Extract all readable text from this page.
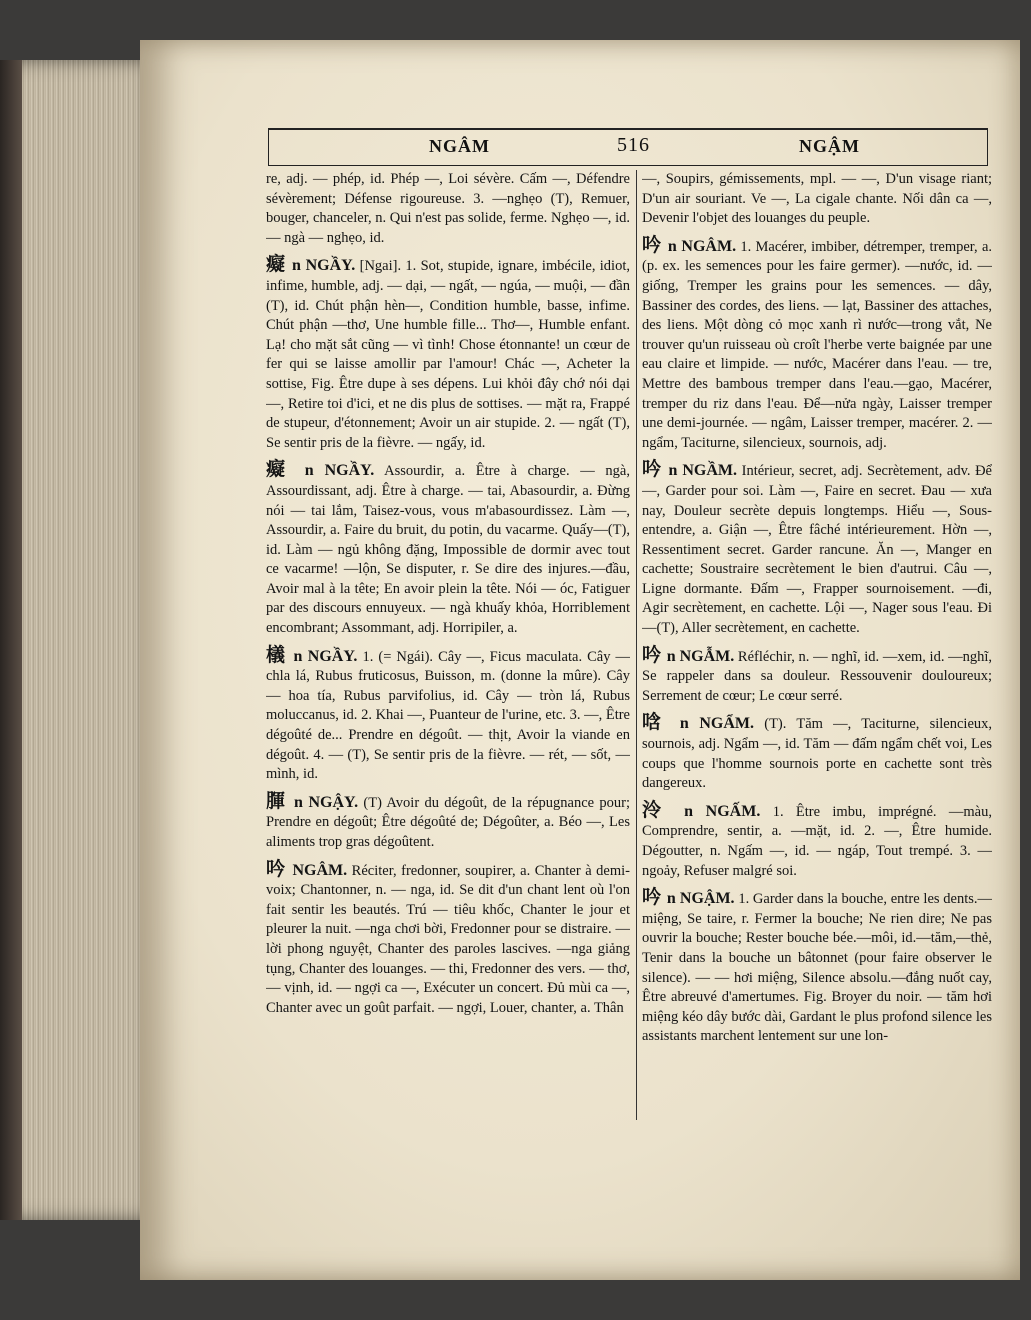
NGÂM	516	NGẬM

re, adj. — phép, id. Phép —, Loi sévère. Cấm —, Défendre sévèrement; Défense rigoureuse. 3. —nghẹo (T), Remuer, bouger, chanceler, n. Qui n'est pas solide, ferme. Nghẹo —, id. — ngà — nghẹo, id.

癡 n NGẦY. [Ngai]. 1. Sot, stupide, ignare, imbécile, idiot, infime, humble, adj. — dại, — ngất, — ngúa, — muội, — đần (T), id. Chút phận hèn—, Condition humble, basse, infime. Chút phận —thơ, Une humble fille... Thơ—, Humble enfant. Lạ! cho mặt sắt cũng — vì tình! Chose étonnante! un cœur de fer qui se laisse amollir par l'amour! Chác —, Acheter la sottise, Fig. Être dupe à ses dépens. Lui khỏi đây chớ nói dại—, Retire toi d'ici, et ne dis plus de sottises. — mặt ra, Frappé de stupeur, d'étonnement; Avoir un air stupide. 2. — ngất (T), Se sentir pris de la fièvre. — ngấy, id.

癡 n NGẦY. Assourdir, a. Être à charge. — ngà, Assourdissant, adj. Être à charge. — tai, Abasourdir, a. Đừng nói — tai lắm, Taisez-vous, vous m'abasourdissez. Làm —, Assourdir, a. Faire du bruit, du potin, du vacarme. Quấy—(T), id. Làm — ngủ không đặng, Impossible de dormir avec tout ce vacarme! —lộn, Se disputer, r. Se dire des injures.—đầu, Avoir mal à la tête; En avoir plein la tête. Nói — óc, Fatiguer par des discours ennuyeux. — ngà khuấy khỏa, Horriblement encombrant; Assommant, adj. Horripiler, a.

檥 n NGẦY. 1. (= Ngái). Cây —, Ficus maculata. Cây — chla lá, Rubus fruticosus, Buisson, m. (donne la mûre). Cây — hoa tía, Rubus parvifolius, id. Cây — tròn lá, Rubus moluccanus, id. 2. Khai —, Puanteur de l'urine, etc. 3. —, Être dégoûté de... Prendre en dégoût. — thịt, Avoir la viande en dégoût. 4. — (T), Se sentir pris de la fièvre. — rét, — sốt, — mình, id.

腪 n NGẬY. (T) Avoir du dégoût, de la répugnance pour; Prendre en dégoût; Être dégoûté de; Dégoûter, a. Béo —, Les aliments trop gras dégoûtent.

吟 NGÂM. Réciter, fredonner, soupirer, a. Chanter à demi-voix; Chantonner, n. — nga, id. Se dit d'un chant lent où l'on fait sentir les beautés. Trú — tiêu khốc, Chanter le jour et pleurer la nuit. —nga chơi bời, Fredonner pour se distraire. —lời phong nguyệt, Chanter des paroles lascives. —nga giảng tụng, Chanter des louanges. — thi, Fredonner des vers. — thơ, — vịnh, id. — ngợi ca —, Exécuter un concert. Đủ mùi ca —, Chanter avec un goût parfait. — ngợi, Louer, chanter, a. Thân

—, Soupirs, gémissements, mpl. — —, D'un visage riant; D'un air souriant. Ve —, La cigale chante. Nối dân ca —, Devenir l'objet des louanges du peuple.

吟 n NGÂM. 1. Macérer, imbiber, détremper, tremper, a. (p. ex. les semences pour les faire germer). —nước, id. —giống, Tremper les grains pour les semences. — dây, Bassiner des cordes, des liens. — lạt, Bassiner des attaches, des liens. Một dòng cỏ mọc xanh rì nước—trong vắt, Ne trouver qu'un ruisseau où croît l'herbe verte baignée par une eau claire et limpide. — nước, Macérer dans l'eau. — tre, Mettre des bambous tremper dans l'eau.—gạo, Macérer, tremper du riz dans l'eau. Để—nửa ngày, Laisser tremper une demi-journée. — ngâm, Laisser tremper, macérer. 2. — ngẩm, Taciturne, silencieux, sournois, adj.

吟 n NGẦM. Intérieur, secret, adj. Secrètement, adv. Để —, Garder pour soi. Làm —, Faire en secret. Đau — xưa nay, Douleur secrète depuis longtemps. Hiểu —, Sous-entendre, a. Giận —, Être fâché intérieurement. Hờn —, Ressentiment secret. Garder rancune. Ăn —, Manger en cachette; Soustraire secrètement le bien d'autrui. Câu —, Ligne dormante. Đấm —, Frapper sournoisement. —đi, Agir secrètement, en cachette. Lội —, Nager sous l'eau. Đi—(T), Aller secrètement, en cachette.

吟 n NGẪM. Réfléchir, n. — nghĩ, id. —xem, id. —nghĩ, Se rappeler dans sa douleur. Ressouvenir douloureux; Serrement de cœur; Le cœur serré.

唅 n NGẨM. (T). Tăm —, Taciturne, silencieux, sournois, adj. Ngẩm —, id. Tăm — đấm ngẩm chết voi, Les coups que l'homme sournois porte en cachette sont très dangereux.

泠 n NGẤM. 1. Être imbu, imprégné. —màu, Comprendre, sentir, a. —mặt, id. 2. —, Être humide. Dégoutter, n. Ngấm —, id. — ngáp, Tout trempé. 3. — ngoảy, Refuser malgré soi.

吟 n NGẬM. 1. Garder dans la bouche, entre les dents.—miệng, Se taire, r. Fermer la bouche; Ne rien dire; Ne pas ouvrir la bouche; Rester bouche bée.—môi, id.—tăm,—thẻ, Tenir dans la bouche un bâtonnet (pour faire observer le silence). — — hơi miệng, Silence absolu.—đắng nuốt cay, Être abreuvé d'amertumes. Fig. Broyer du noir. — tăm hơi miệng kéo dây bước dài, Gardant le plus profond silence les assistants marchent lentement sur une lon-
